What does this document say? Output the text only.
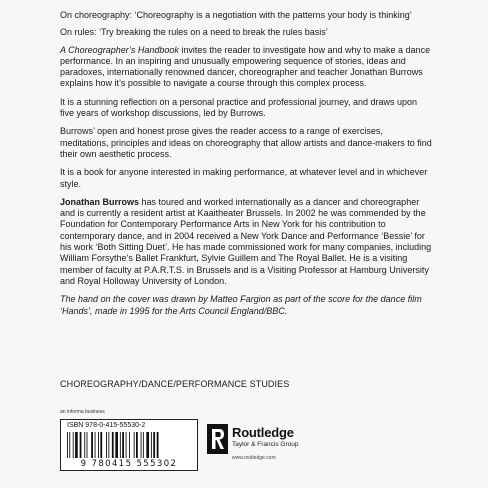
On choreography: ‘Choreography is a negotiation with the patterns your body is thinking’

On rules: ‘Try breaking the rules on a need to break the rules basis’

A Choreographer’s Handbook invites the reader to investigate how and why to make a dance performance. In an inspiring and unusually empowering sequence of stories, ideas and paradoxes, internationally renowned dancer, choreographer and teacher Jonathan Burrows explains how it’s possible to navigate a course through this complex process.

It is a stunning reflection on a personal practice and professional journey, and draws upon five years of workshop discussions, led by Burrows.

Burrows’ open and honest prose gives the reader access to a range of exercises, meditations, principles and ideas on choreography that allow artists and dance-makers to find their own aesthetic process.

It is a book for anyone interested in making performance, at whatever level and in whichever style.

Jonathan Burrows has toured and worked internationally as a dancer and choreographer and is currently a resident artist at Kaaitheater Brussels. In 2002 he was commended by the Foundation for Contemporary Performance Arts in New York for his contribution to contemporary dance, and in 2004 received a New York Dance and Performance ‘Bessie’ for his work ‘Both Sitting Duet’. He has made commissioned work for many companies, including William Forsythe’s Ballet Frankfurt, Sylvie Guillem and The Royal Ballet. He is a visiting member of faculty at P.A.R.T.S. in Brussels and is a Visiting Professor at Hamburg University and Royal Holloway University of London.

The hand on the cover was drawn by Matteo Fargion as part of the score for the dance film ‘Hands’, made in 1995 for the Arts Council England/BBC.

CHOREOGRAPHY/DANCE/PERFORMANCE STUDIES
an informa business
ISBN 978-0-415-55530-2
9 780415 555302
Routledge
Taylor & Francis Group
www.routledge.com
